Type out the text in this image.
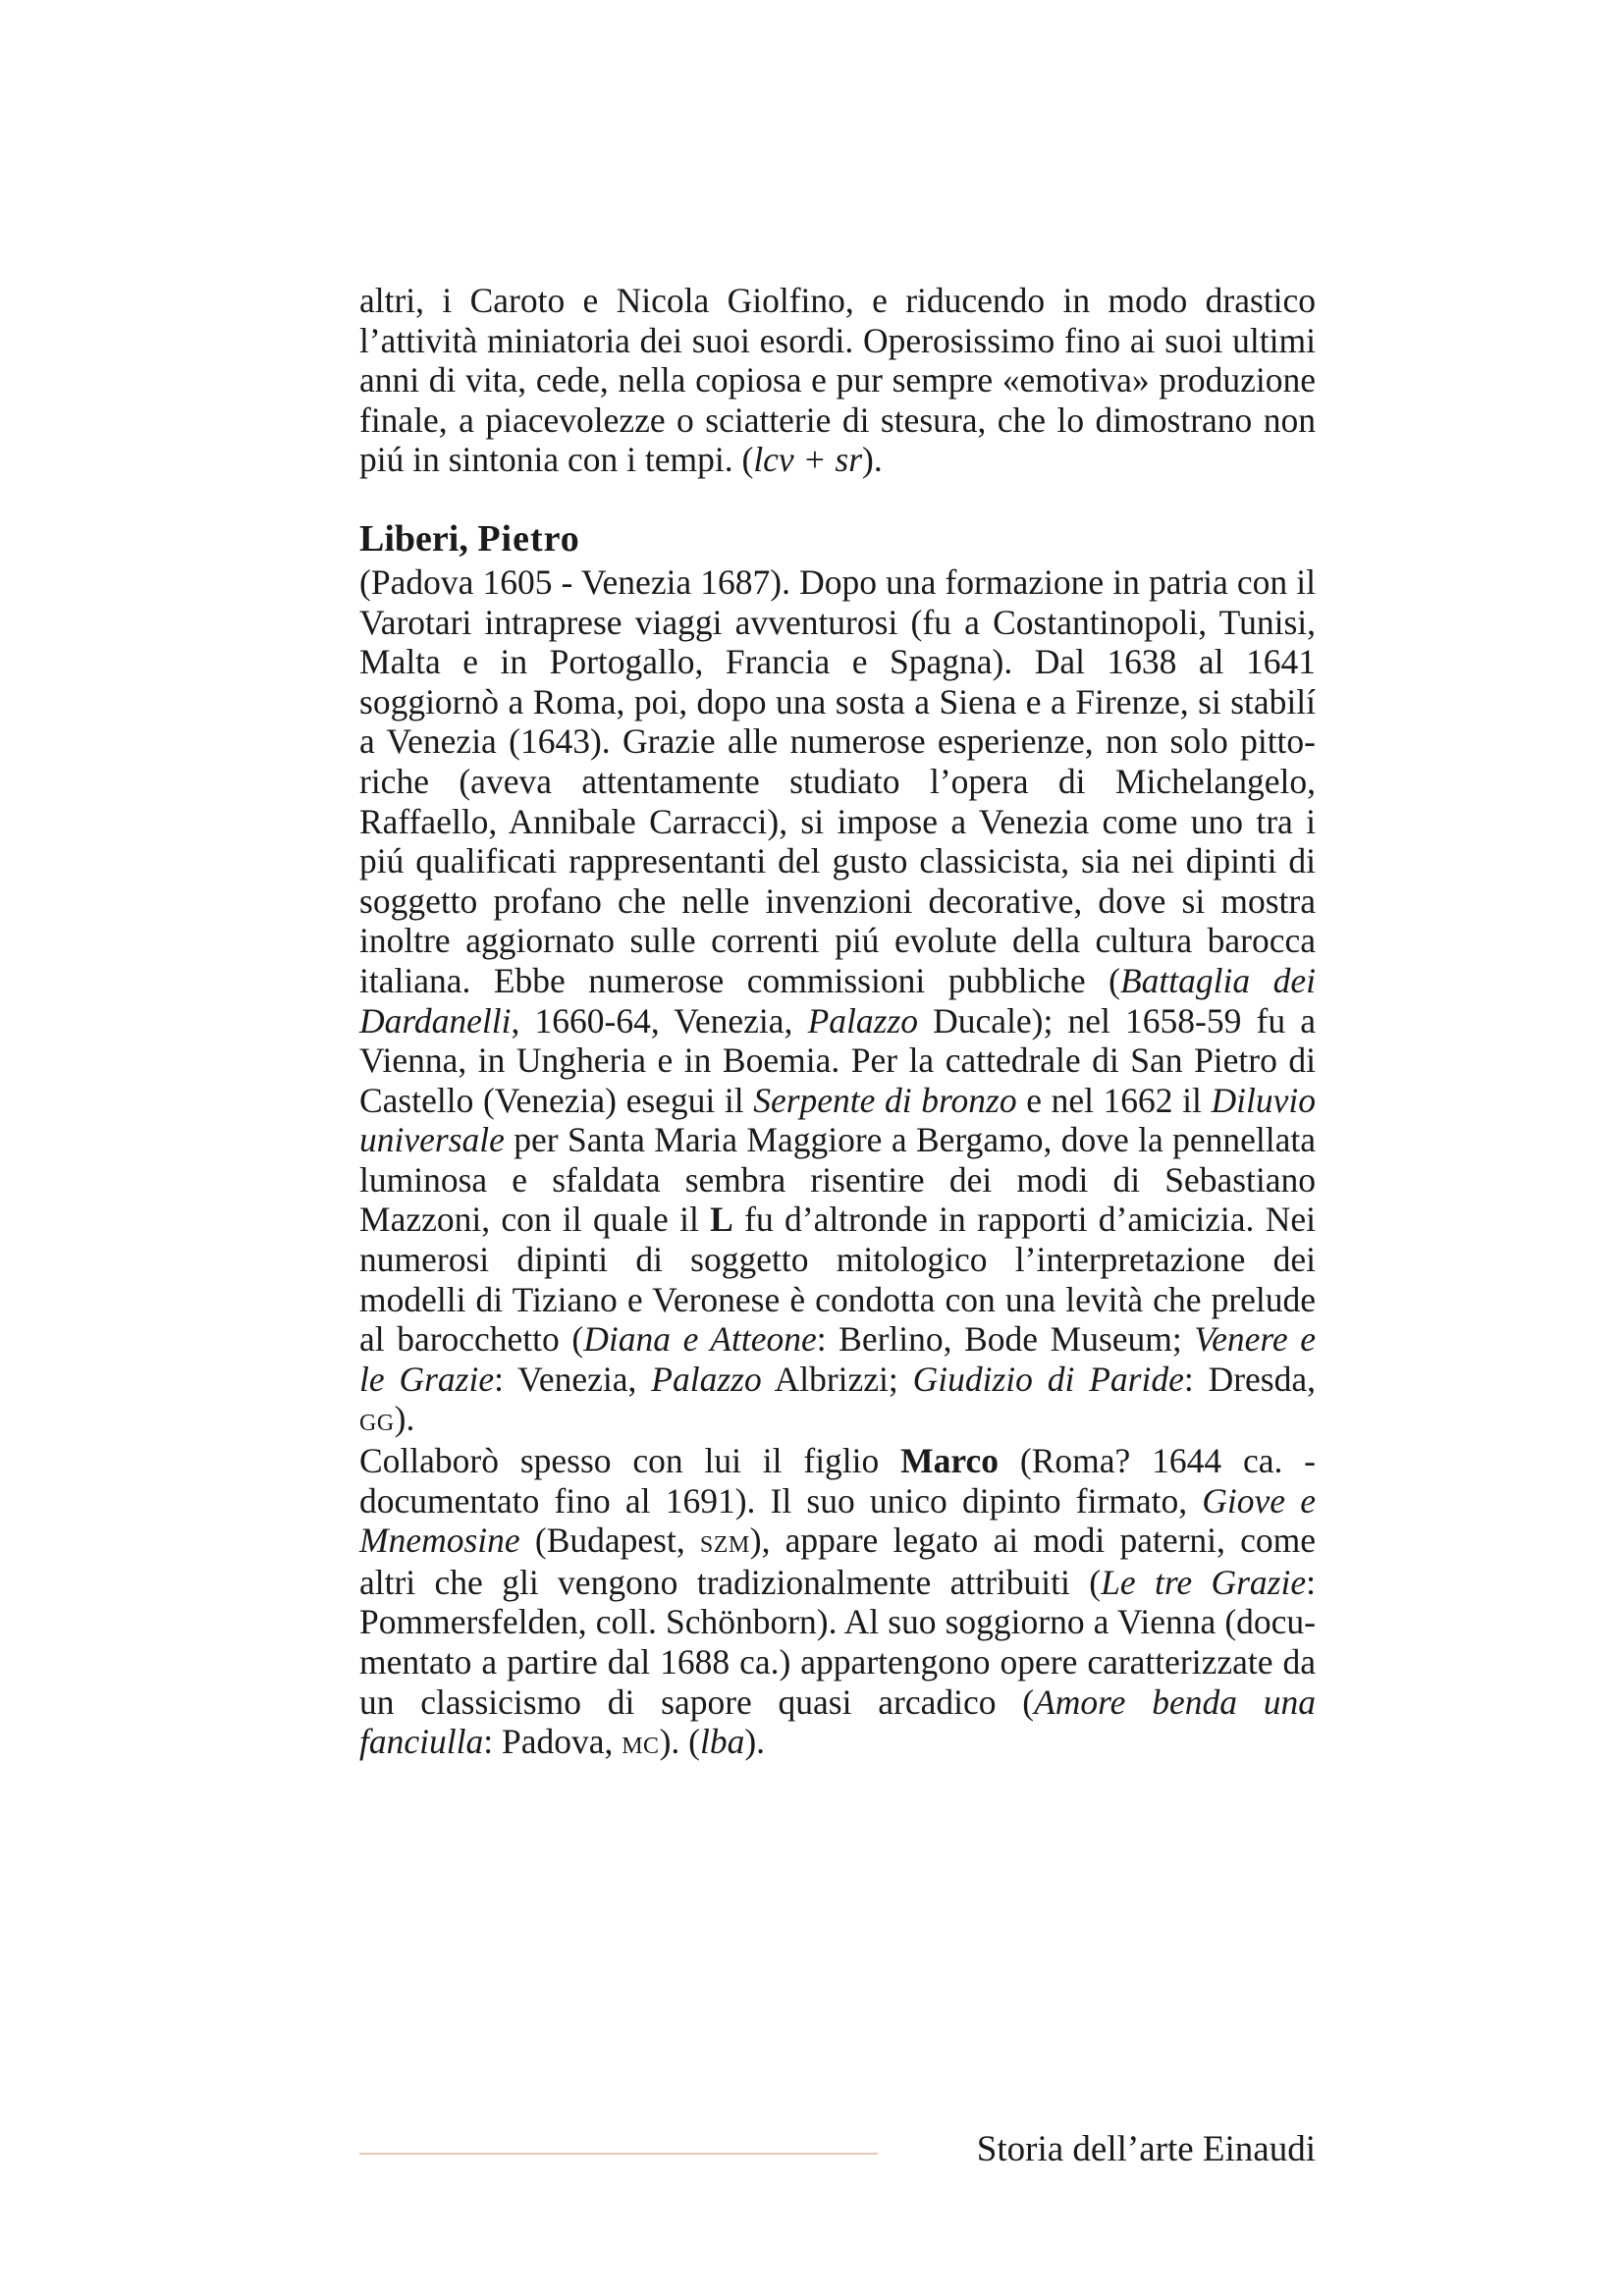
altri, i Caroto e Nicola Giolfino, e riducendo in modo drastico l’attività miniatoria dei suoi esordi. Operosissimo fino ai suoi ultimi anni di vita, cede, nella copiosa e pur sempre «emotiva» produzione finale, a piacevolezze o sciatterie di stesura, che lo dimostrano non piú in sintonia con i tempi. (lcv + sr).

Liberi, Pietro

(Padova 1605 - Venezia 1687). Dopo una formazione in patria con il Varotari intraprese viaggi avventurosi (fu a Costantinopoli, Tunisi, Malta e in Portogallo, Francia e Spagna). Dal 1638 al 1641 soggiornò a Roma, poi, dopo una sosta a Siena e a Firenze, si stabilí a Venezia (1643). Grazie alle numerose esperienze, non solo pittoriche (aveva attentamente studiato l’opera di Michelangelo, Raffaello, Annibale Carracci), si impose a Venezia come uno tra i piú qualificati rappresentanti del gusto classicista, sia nei dipinti di soggetto profano che nelle invenzioni decorative, dove si mostra inoltre aggiornato sulle correnti piú evolute della cultura barocca italiana. Ebbe numerose commissioni pubbliche (Battaglia dei Dardanelli, 1660-64, Venezia, Palazzo Ducale); nel 1658-59 fu a Vienna, in Ungheria e in Boemia. Per la cattedrale di San Pietro di Castello (Venezia) esegui il Serpente di bronzo e nel 1662 il Diluvio universale per Santa Maria Maggiore a Bergamo, dove la pennellata luminosa e sfaldata sembra risentire dei modi di Sebastiano Mazzoni, con il quale il L fu d’altronde in rapporti d’amicizia. Nei numerosi dipinti di soggetto mitologico l’interpretazione dei modelli di Tiziano e Veronese è condotta con una levità che prelude al barocchetto (Diana e Atteone: Berlino, Bode Museum; Venere e le Grazie: Venezia, Palazzo Albrizzi; Giudizio di Paride: Dresda, gg).

Collaborò spesso con lui il figlio Marco (Roma? 1644 ca. - documentato fino al 1691). Il suo unico dipinto firmato, Giove e Mnemosine (Budapest, szm), appare legato ai modi paterni, come altri che gli vengono tradizionalmente attribuiti (Le tre Grazie: Pommersfelden, coll. Schönborn). Al suo soggiorno a Vienna (documentato a partire dal 1688 ca.) appartengono opere caratterizzate da un classicismo di sapore quasi arcadico (Amore benda una fanciulla: Padova, mc). (lba).

Storia dell’arte Einaudi
